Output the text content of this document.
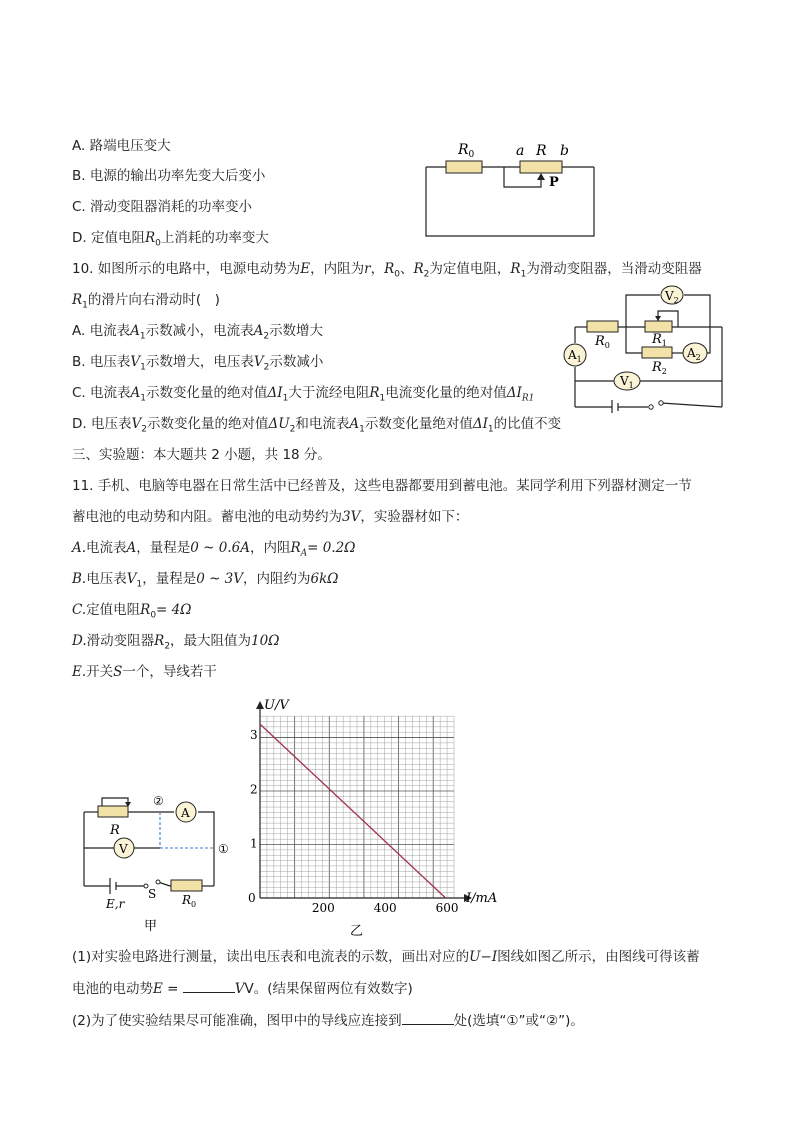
A. 路端电压变大
B. 电源的输出功率先变大后变小
C. 滑动变阻器消耗的功率变小
D. 定值电阻$R_0$上消耗的功率变大
$R_0$	a R b
P
10. 如图所示的电路中，电源电动势为E，内阻为r，$R_0$、$R_2$为定值电阻，$R_1$为滑动变阻器，当滑动变阻器
$R_1$的滑片向右滑动时(　)
A. 电流表$A_1$示数减小，电流表$A_2$示数增大
B. 电压表$V_1$示数增大，电压表$V_2$示数减小
C. 电流表$A_1$示数变化量的绝对值$\Delta I_1$大于流经电阻$R_1$电流变化量的绝对值$\Delta I_{R1}$
D. 电压表$V_2$示数变化量的绝对值$\Delta U_2$和电流表$A_1$示数变化量绝对值$\Delta I_1$的比值不变
$V_2$
$A_1$	$A_2$
$V_1$
$R_0$	$R_1$
$R_2$
三、实验题：本大题共 2 小题，共 18 分。
11. 手机、电脑等电器在日常生活中已经普及，这些电器都要用到蓄电池。某同学利用下列器材测定一节
蓄电池的电动势和内阻。蓄电池的电动势约为3V，实验器材如下：
A.电流表A，量程是0 ~ 0.6A，内阻$R_A= 0.2\Omega$
B.电压表$V_1$，量程是0 ~ 3V，内阻约为6kΩ
C.定值电阻$R_0= 4\Omega$
D.滑动变阻器$R_2$，最大阻值为10Ω
E.开关S一个，导线若干
R
A
V
②
①
S
E,r	$R_0$
甲
200	400	600
0
1
2
3
U/V
I/mA
乙
(1)对实验电路进行测量，读出电压表和电流表的示数，画出对应的U−I图线如图乙所示，由图线可得该蓄
电池的电动势E =	VV。(结果保留两位有效数字)
(2)为了使实验结果尽可能准确，图甲中的导线应连接到	处(选填“①”或“②”)。
